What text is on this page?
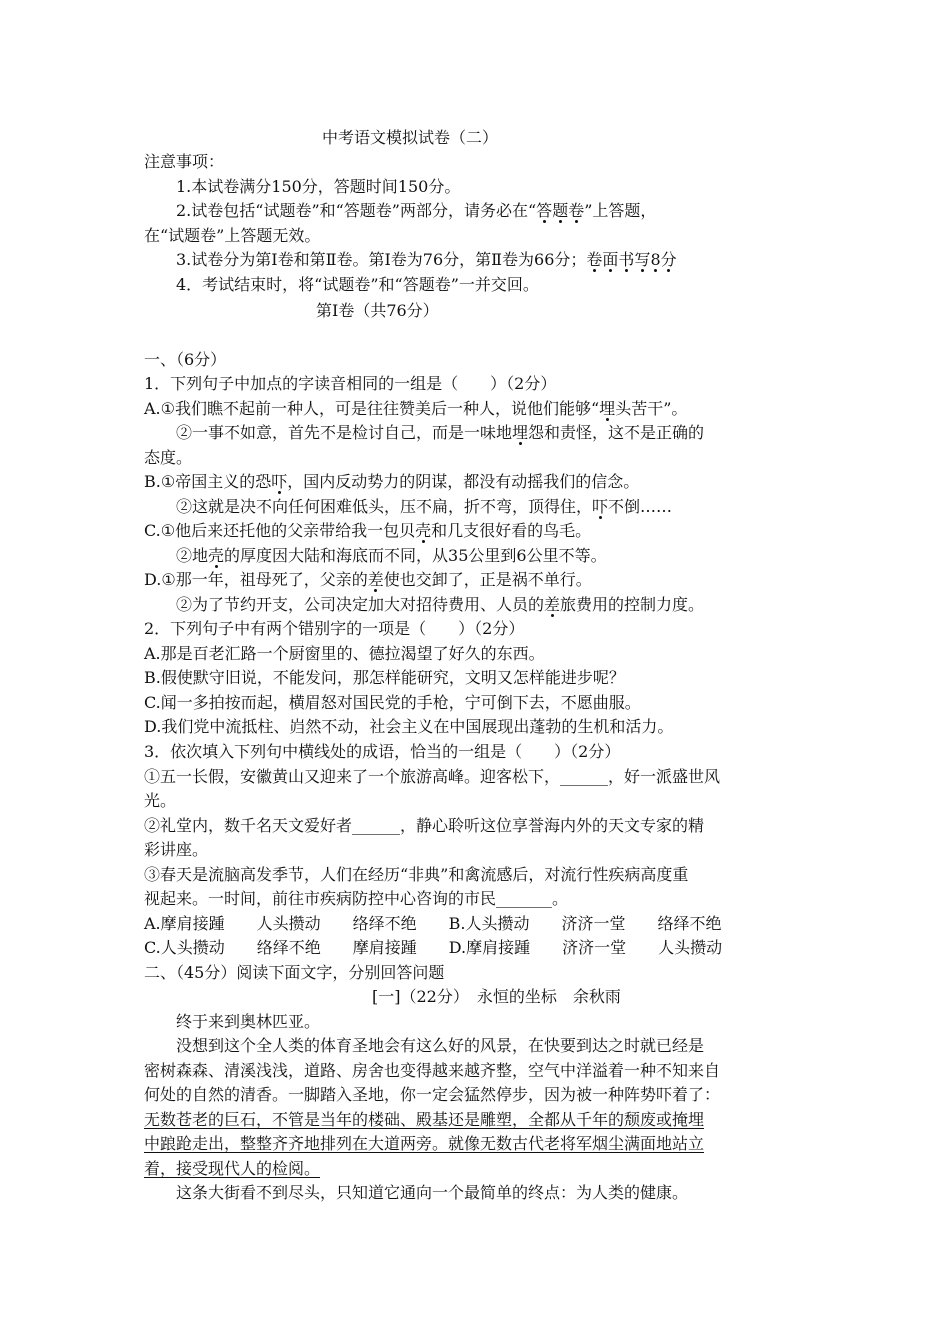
中考语文模拟试卷（二）
注意事项：
1.本试卷满分150分，答题时间150分。
2.试卷包括“试题卷”和“答题卷”两部分，请务必在“答题卷”上答题，
在“试题卷”上答题无效。
3.试卷分为第Ⅰ卷和第Ⅱ卷。第Ⅰ卷为76分，第Ⅱ卷为66分；卷面书写8分
4．考试结束时，将“试题卷”和“答题卷”一并交回。
第Ⅰ卷（共76分）
一、（6分）
1．下列句子中加点的字读音相同的一组是（　　）（2分）
A.①我们瞧不起前一种人，可是往往赞美后一种人，说他们能够“埋头苦干”。
②一事不如意，首先不是检讨自己，而是一味地埋怨和责怪，这不是正确的
态度。
B.①帝国主义的恐吓，国内反动势力的阴谋，都没有动摇我们的信念。
②这就是决不向任何困难低头，压不扁，折不弯，顶得住，吓不倒……
C.①他后来还托他的父亲带给我一包贝壳和几支很好看的鸟毛。
②地壳的厚度因大陆和海底而不同，从35公里到6公里不等。
D.①那一年，祖母死了，父亲的差使也交卸了，正是祸不单行。
②为了节约开支，公司决定加大对招待费用、人员的差旅费用的控制力度。
2．下列句子中有两个错别字的一项是（　　）（2分）
A.那是百老汇路一个厨窗里的、德拉渴望了好久的东西。
B.假使默守旧说，不能发问，那怎样能研究，文明又怎样能进步呢？
C.闻一多拍按而起，横眉怒对国民党的手枪，宁可倒下去，不愿曲服。
D.我们党中流抵柱、岿然不动，社会主义在中国展现出蓬勃的生机和活力。
3．依次填入下列句中横线处的成语，恰当的一组是（　　）（2分）
①五一长假，安徽黄山又迎来了一个旅游高峰。迎客松下，______，好一派盛世风
光。
②礼堂内，数千名天文爱好者______，静心聆听这位享誉海内外的天文专家的精
彩讲座。
③春天是流脑高发季节，人们在经历“非典”和禽流感后，对流行性疾病高度重
视起来。一时间，前往市疾病防控中心咨询的市民_______。
A.摩肩接踵　　人头攒动　　络绎不绝　　B.人头攒动　　济济一堂　　络绎不绝
C.人头攒动　　络绎不绝　　摩肩接踵　　D.摩肩接踵　　济济一堂　　人头攒动
二、（45分）阅读下面文字，分别回答问题
[一]（22分）　永恒的坐标　余秋雨
终于来到奥林匹亚。
没想到这个全人类的体育圣地会有这么好的风景，在快要到达之时就已经是
密树森森、清溪浅浅，道路、房舍也变得越来越齐整，空气中洋溢着一种不知来自
何处的自然的清香。一脚踏入圣地，你一定会猛然停步，因为被一种阵势吓着了：
无数苍老的巨石，不管是当年的楼础、殿基还是雕塑，全都从千年的颓废或掩埋
中踉跄走出，整整齐齐地排列在大道两旁。就像无数古代老将军烟尘满面地站立
着，接受现代人的检阅。
这条大街看不到尽头，只知道它通向一个最简单的终点：为人类的健康。
